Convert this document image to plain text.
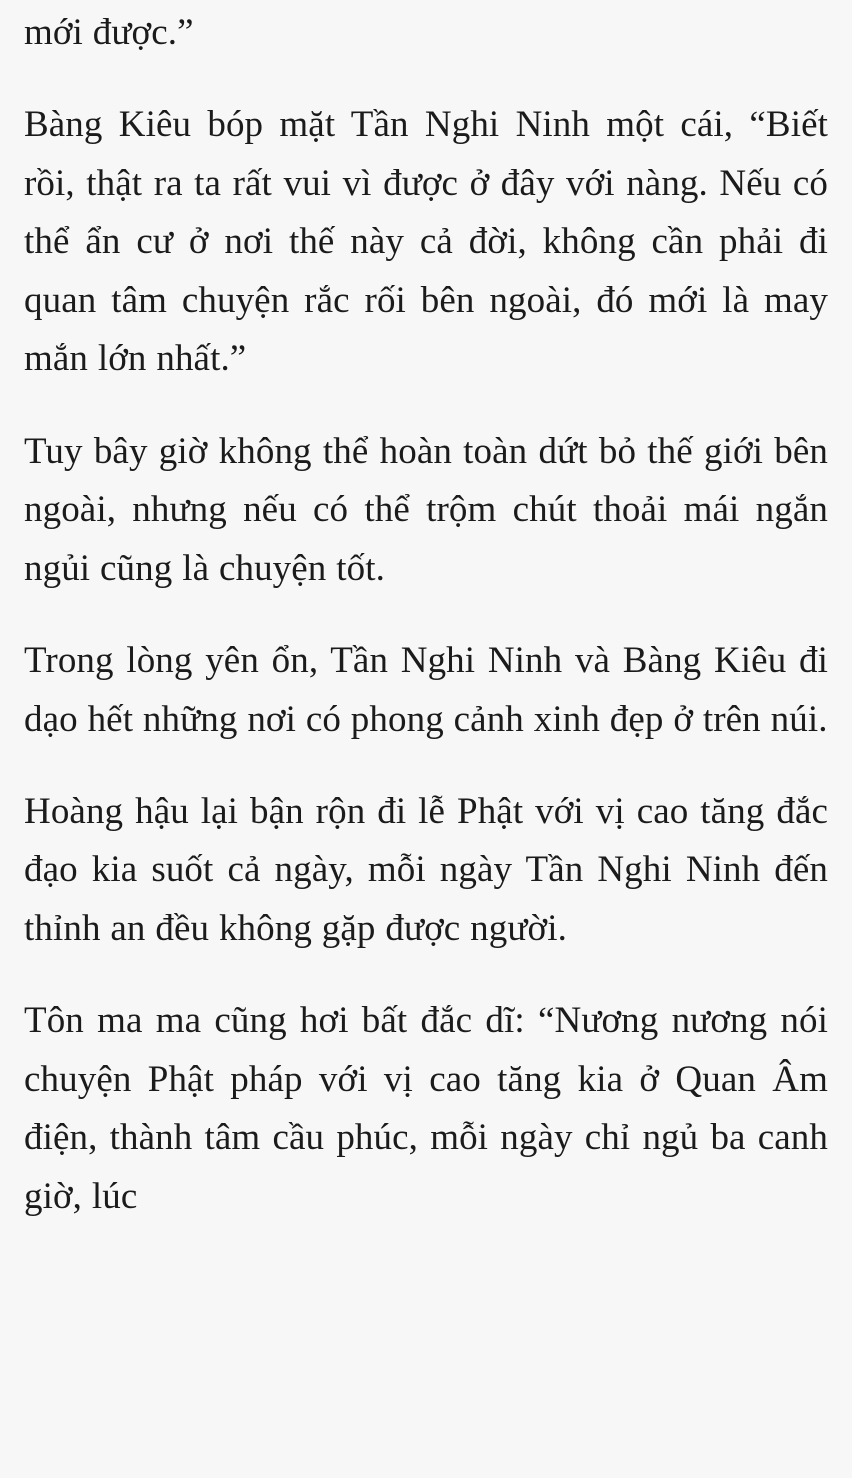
mới được.”

Bàng Kiêu bóp mặt Tần Nghi Ninh một cái, “Biết rồi, thật ra ta rất vui vì được ở đây với nàng. Nếu có thể ẩn cư ở nơi thế này cả đời, không cần phải đi quan tâm chuyện rắc rối bên ngoài, đó mới là may mắn lớn nhất.”

Tuy bây giờ không thể hoàn toàn dứt bỏ thế giới bên ngoài, nhưng nếu có thể trộm chút thoải mái ngắn ngủi cũng là chuyện tốt.

Trong lòng yên ổn, Tần Nghi Ninh và Bàng Kiêu đi dạo hết những nơi có phong cảnh xinh đẹp ở trên núi.

Hoàng hậu lại bận rộn đi lễ Phật với vị cao tăng đắc đạo kia suốt cả ngày, mỗi ngày Tần Nghi Ninh đến thỉnh an đều không gặp được người.

Tôn ma ma cũng hơi bất đắc dĩ: “Nương nương nói chuyện Phật pháp với vị cao tăng kia ở Quan Âm điện, thành tâm cầu phúc, mỗi ngày chỉ ngủ ba canh giờ, lúc
